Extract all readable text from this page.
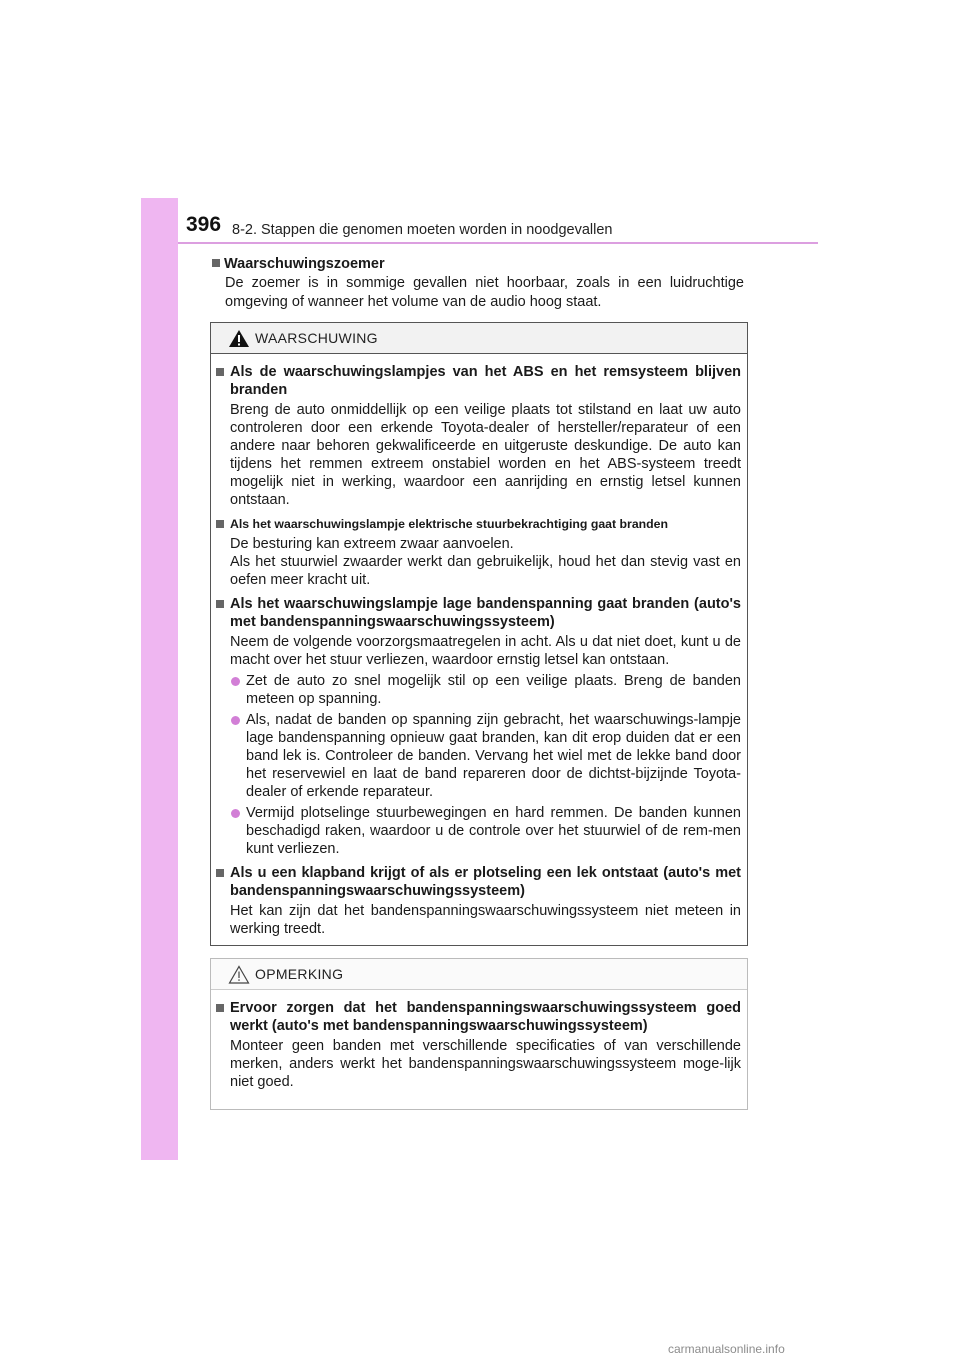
396 8-2. Stappen die genomen moeten worden in noodgevallen
Waarschuwingszoemer
De zoemer is in sommige gevallen niet hoorbaar, zoals in een luidruchtige omgeving of wanneer het volume van de audio hoog staat.
WAARSCHUWING
Als de waarschuwingslampjes van het ABS en het remsysteem blijven branden
Breng de auto onmiddellijk op een veilige plaats tot stilstand en laat uw auto controleren door een erkende Toyota-dealer of hersteller/reparateur of een andere naar behoren gekwalificeerde en uitgeruste deskundige. De auto kan tijdens het remmen extreem onstabiel worden en het ABS-systeem treedt mogelijk niet in werking, waardoor een aanrijding en ernstig letsel kunnen ontstaan.
Als het waarschuwingslampje elektrische stuurbekrachtiging gaat branden
De besturing kan extreem zwaar aanvoelen.
Als het stuurwiel zwaarder werkt dan gebruikelijk, houd het dan stevig vast en oefen meer kracht uit.
Als het waarschuwingslampje lage bandenspanning gaat branden (auto's met bandenspanningswaarschuwingssysteem)
Neem de volgende voorzorgsmaatregelen in acht. Als u dat niet doet, kunt u de macht over het stuur verliezen, waardoor ernstig letsel kan ontstaan.
Zet de auto zo snel mogelijk stil op een veilige plaats. Breng de banden meteen op spanning.
Als, nadat de banden op spanning zijn gebracht, het waarschuwings-lampje lage bandenspanning opnieuw gaat branden, kan dit erop duiden dat er een band lek is. Controleer de banden. Vervang het wiel met de lekke band door het reservewiel en laat de band repareren door de dichtst-bijzijnde Toyota-dealer of erkende reparateur.
Vermijd plotselinge stuurbewegingen en hard remmen. De banden kunnen beschadigd raken, waardoor u de controle over het stuurwiel of de rem-men kunt verliezen.
Als u een klapband krijgt of als er plotseling een lek ontstaat (auto's met bandenspanningswaarschuwingssysteem)
Het kan zijn dat het bandenspanningswaarschuwingssysteem niet meteen in werking treedt.
OPMERKING
Ervoor zorgen dat het bandenspanningswaarschuwingssysteem goed werkt (auto's met bandenspanningswaarschuwingssysteem)
Monteer geen banden met verschillende specificaties of van verschillende merken, anders werkt het bandenspanningswaarschuwingssysteem moge-lijk niet goed.
carmanualsonline.info
